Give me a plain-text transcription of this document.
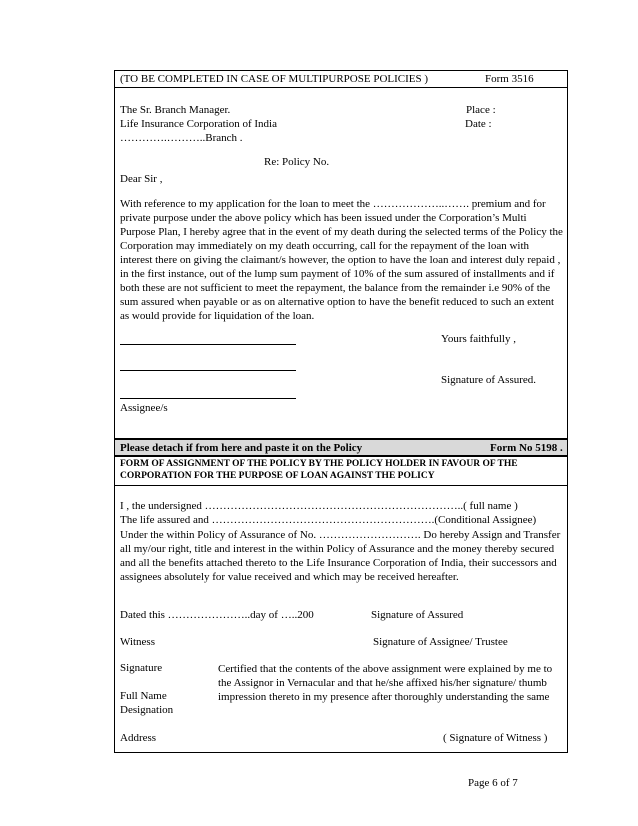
(TO BE COMPLETED IN CASE OF MULTIPURPOSE POLICIES )	Form 3516
The Sr. Branch Manager.
Life Insurance Corporation of India
………….………..Branch .
Place :
Date :
Re: Policy No.
Dear Sir ,
With reference to my application for the loan to meet the ………………..……. premium and for private purpose under the above policy which has been issued under the Corporation’s Multi Purpose Plan, I hereby agree that in the event of my death during the selected terms of the Policy the Corporation may immediately on my death occurring, call for the repayment of the loan with interest there on giving the claimant/s however, the option to have the loan and interest duly repaid , in the first instance, out of the lump sum payment of 10% of the sum assured of installments and if both these are not sufficient to meet the repayment, the balance from the remainder i.e 90% of the sum assured when payable or as on alternative option to have the benefit reduced to such an extent as would provide for liquidation of the loan.
Yours faithfully ,
Signature of Assured.
Assignee/s
Please detach if from here and paste it on the Policy	Form No 5198 .
FORM OF ASSIGNMENT OF THE POLICY BY THE POLICY HOLDER IN FAVOUR OF THE CORPORATION FOR THE PURPOSE OF LOAN AGAINST THE POLICY
I , the undersigned ……………………………………………………………..( full name )
The life assured and …………………………………………………….(Conditional Assignee)
Under the within Policy of Assurance of No. ………………………. Do hereby Assign and Transfer all my/our right, title and interest in the within Policy of Assurance and the money thereby secured and all the benefits attached thereto to the Life Insurance Corporation of India, their successors and assignees absolutely for value received and which may be received hereafter.
Dated this …………………..day of …..200	Signature of Assured
Witness	Signature of Assignee/ Trustee
Signature	Certified that the contents of the above assignment were explained by me to the Assignor in Vernacular and that he/she affixed his/her signature/ thumb impression thereto in my presence after thoroughly understanding the same
Full Name
Designation
Address	( Signature of Witness )
Page 6 of 7
